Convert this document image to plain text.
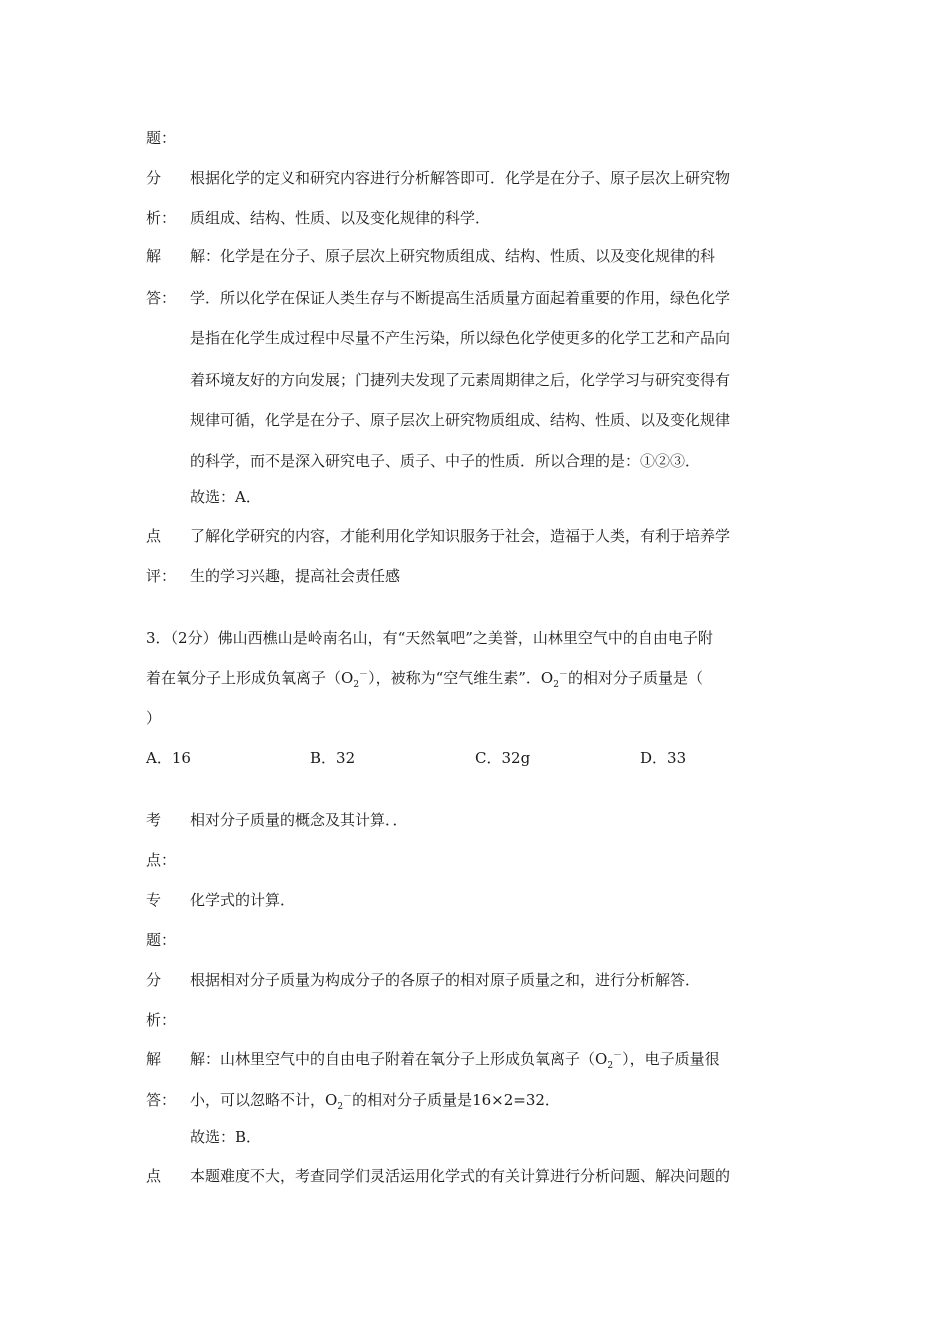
题：
分 根据化学的定义和研究内容进行分析解答即可．化学是在分子、原子层次上研究物
析： 质组成、结构、性质、以及变化规律的科学．
解 解：化学是在分子、原子层次上研究物质组成、结构、性质、以及变化规律的科
答： 学．所以化学在保证人类生存与不断提高生活质量方面起着重要的作用，绿色化学
是指在化学生成过程中尽量不产生污染，所以绿色化学使更多的化学工艺和产品向
着环境友好的方向发展；门捷列夫发现了元素周期律之后，化学学习与研究变得有
规律可循，化学是在分子、原子层次上研究物质组成、结构、性质、以及变化规律
的科学，而不是深入研究电子、质子、中子的性质．所以合理的是：①②③．
故选：A．
点 了解化学研究的内容，才能利用化学知识服务于社会，造福于人类，有利于培养学
评： 生的学习兴趣，提高社会责任感
3．（2分）佛山西樵山是岭南名山，有“天然氧吧”之美誉，山林里空气中的自由电子附
着在氧分子上形成负氧离子$(O_2^-)$，被称为“空气维生素”．$O_2^-$的相对分子质量是（
）
A．16	B．32	C．32g	D．33
考 相对分子质量的概念及其计算．．
点：
专 化学式的计算．
题：
分 根据相对分子质量为构成分子的各原子的相对原子质量之和，进行分析解答．
析：
解 解：山林里空气中的自由电子附着在氧分子上形成负氧离子$(O_2^-)$，电子质量很
答： 小，可以忽略不计，$O_2^-$的相对分子质量是16×2=32．
故选：B．
点 本题难度不大，考查同学们灵活运用化学式的有关计算进行分析问题、解决问题的
